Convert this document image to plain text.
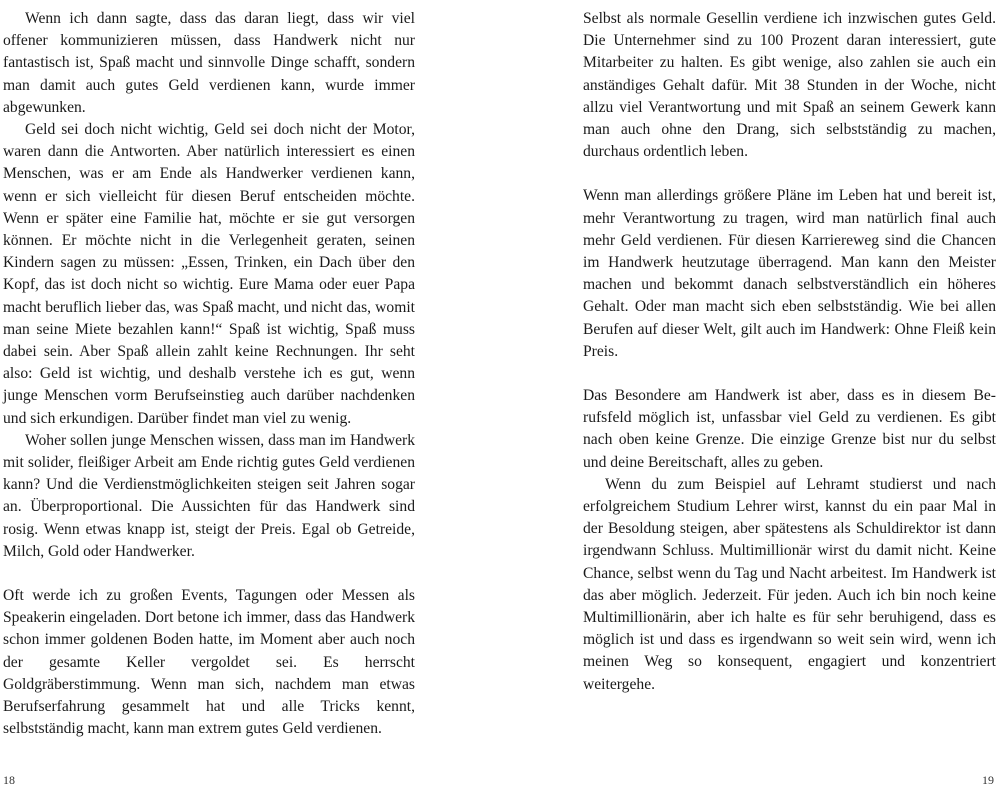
Wenn ich dann sagte, dass das daran liegt, dass wir viel offener kommunizieren müssen, dass Handwerk nicht nur fantastisch ist, Spaß macht und sinnvolle Dinge schafft, sondern man damit auch gutes Geld verdienen kann, wurde immer abgewunken.

Geld sei doch nicht wichtig, Geld sei doch nicht der Motor, waren dann die Antworten. Aber natürlich interessiert es einen Menschen, was er am Ende als Handwerker verdienen kann, wenn er sich vielleicht für diesen Beruf entscheiden möchte. Wenn er später eine Familie hat, möchte er sie gut versorgen können. Er möchte nicht in die Verlegenheit geraten, seinen Kindern sagen zu müssen: „Essen, Trinken, ein Dach über den Kopf, das ist doch nicht so wichtig. Eure Mama oder euer Papa macht beruflich lieber das, was Spaß macht, und nicht das, womit man seine Miete bezahlen kann!“ Spaß ist wichtig, Spaß muss dabei sein. Aber Spaß allein zahlt keine Rechnungen. Ihr seht also: Geld ist wichtig, und deshalb verstehe ich es gut, wenn junge Menschen vorm Berufseinstieg auch darüber nachdenken und sich erkundigen. Darüber findet man viel zu wenig.

Woher sollen junge Menschen wissen, dass man im Handwerk mit solider, fleißiger Arbeit am Ende richtig gutes Geld verdienen kann? Und die Verdienstmöglichkeiten steigen seit Jahren sogar an. Überproportional. Die Aussichten für das Handwerk sind rosig. Wenn etwas knapp ist, steigt der Preis. Egal ob Getreide, Milch, Gold oder Handwerker.

Oft werde ich zu großen Events, Tagungen oder Messen als Speakerin eingeladen. Dort betone ich immer, dass das Handwerk schon immer goldenen Boden hatte, im Moment aber auch noch der gesamte Keller vergoldet sei. Es herrscht Goldgräberstimmung. Wenn man sich, nachdem man etwas Berufserfahrung gesammelt hat und alle Tricks kennt, selbstständig macht, kann man extrem gutes Geld verdienen.

18

Selbst als normale Gesellin verdiene ich inzwischen gutes Geld. Die Unternehmer sind zu 100 Prozent daran interessiert, gute Mitarbeiter zu halten. Es gibt wenige, also zahlen sie auch ein anständiges Gehalt dafür. Mit 38 Stunden in der Woche, nicht allzu viel Verantwortung und mit Spaß an seinem Gewerk kann man auch ohne den Drang, sich selbstständig zu machen, durchaus ordentlich leben.

Wenn man allerdings größere Pläne im Leben hat und bereit ist, mehr Verantwortung zu tragen, wird man natürlich final auch mehr Geld verdienen. Für diesen Karriereweg sind die Chancen im Handwerk heutzutage überragend. Man kann den Meister machen und bekommt danach selbstverständlich ein höheres Gehalt. Oder man macht sich eben selbstständig. Wie bei allen Berufen auf dieser Welt, gilt auch im Handwerk: Ohne Fleiß kein Preis.

Das Besondere am Handwerk ist aber, dass es in diesem Berufsfeld möglich ist, unfassbar viel Geld zu verdienen. Es gibt nach oben keine Grenze. Die einzige Grenze bist nur du selbst und deine Bereitschaft, alles zu geben.

Wenn du zum Beispiel auf Lehramt studierst und nach erfolgreichem Studium Lehrer wirst, kannst du ein paar Mal in der Besoldung steigen, aber spätestens als Schuldirektor ist dann irgendwann Schluss. Multimillionär wirst du damit nicht. Keine Chance, selbst wenn du Tag und Nacht arbeitest. Im Handwerk ist das aber möglich. Jederzeit. Für jeden. Auch ich bin noch keine Multimillionärin, aber ich halte es für sehr beruhigend, dass es möglich ist und dass es irgendwann so weit sein wird, wenn ich meinen Weg so konsequent, engagiert und konzentriert weitergehe.

19
